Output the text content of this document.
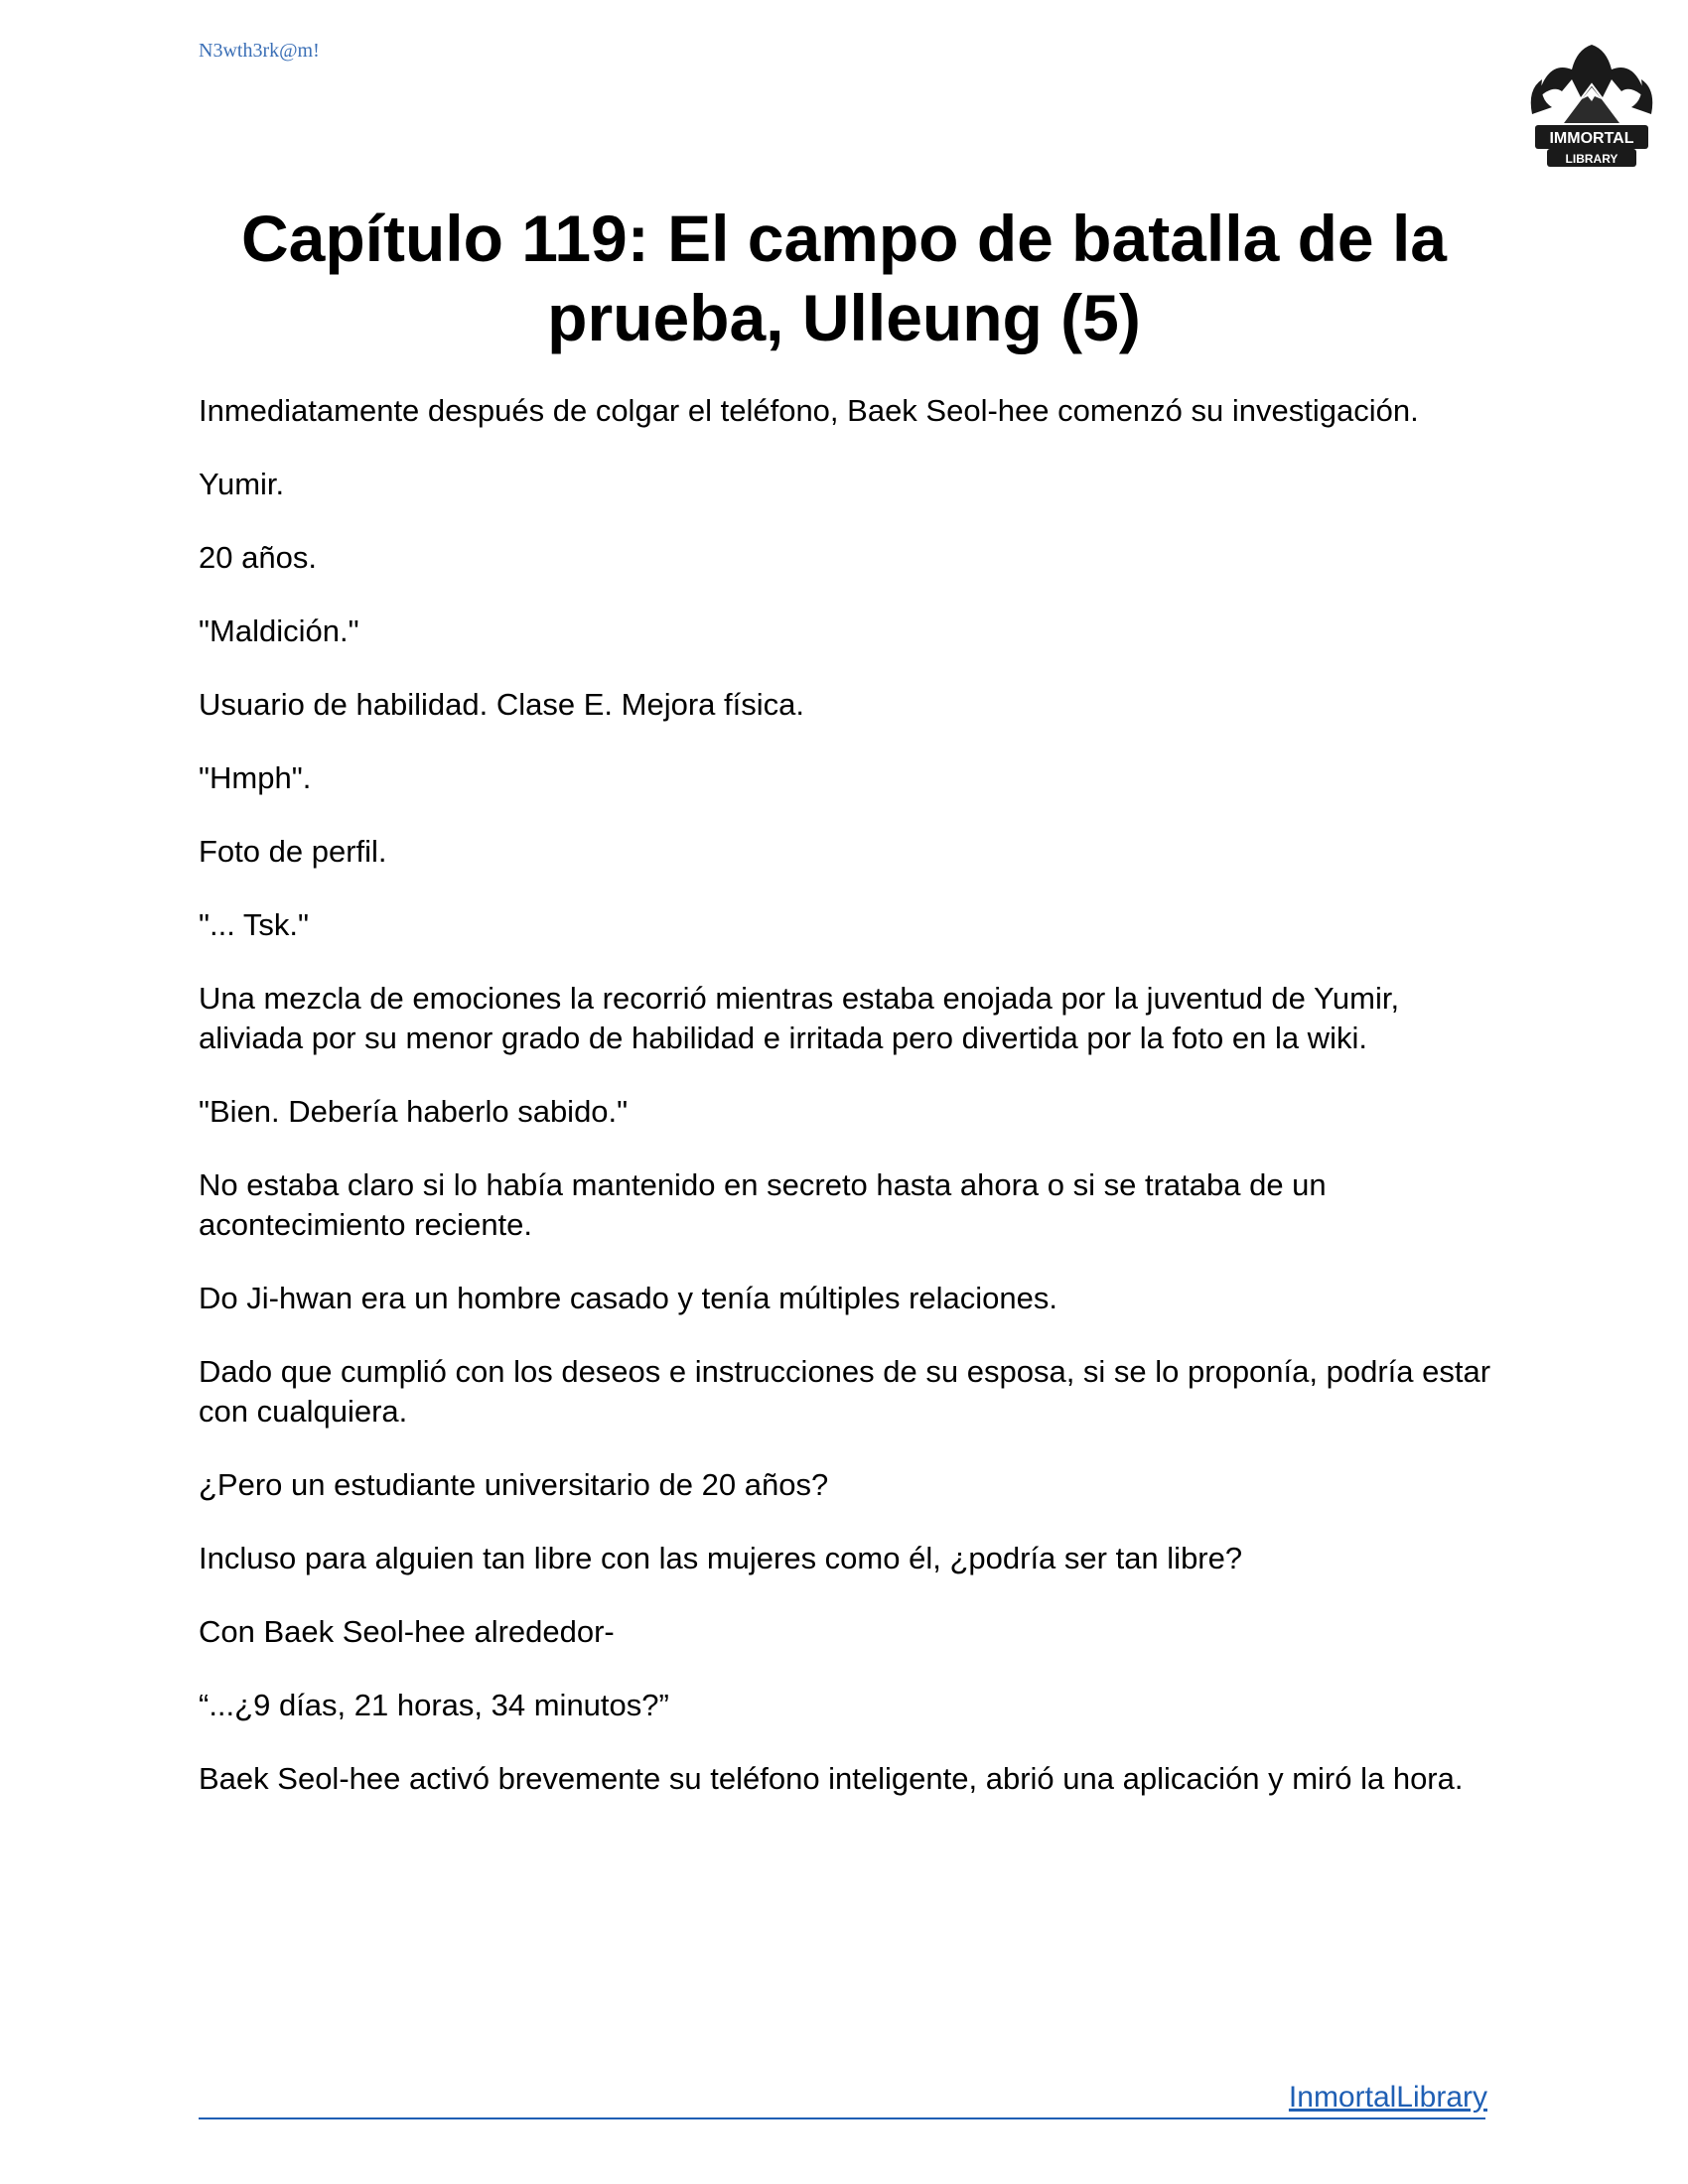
N3wth3rk@m!
IMMORTAL
LIBRARY
Capítulo 119: El campo de batalla de la prueba, Ulleung (5)

Inmediatamente después de colgar el teléfono, Baek Seol-hee comenzó su investigación.

Yumir.

20 años.

"Maldición."

Usuario de habilidad. Clase E. Mejora física.

"Hmph".

Foto de perfil.

"... Tsk."

Una mezcla de emociones la recorrió mientras estaba enojada por la juventud de Yumir, aliviada por su menor grado de habilidad e irritada pero divertida por la foto en la wiki.

"Bien. Debería haberlo sabido."

No estaba claro si lo había mantenido en secreto hasta ahora o si se trataba de un acontecimiento reciente.

Do Ji-hwan era un hombre casado y tenía múltiples relaciones.

Dado que cumplió con los deseos e instrucciones de su esposa, si se lo proponía, podría estar con cualquiera.

¿Pero un estudiante universitario de 20 años?

Incluso para alguien tan libre con las mujeres como él, ¿podría ser tan libre?

Con Baek Seol-hee alrededor-

“...¿9 días, 21 horas, 34 minutos?”

Baek Seol-hee activó brevemente su teléfono inteligente, abrió una aplicación y miró la hora.

InmortalLibrary
